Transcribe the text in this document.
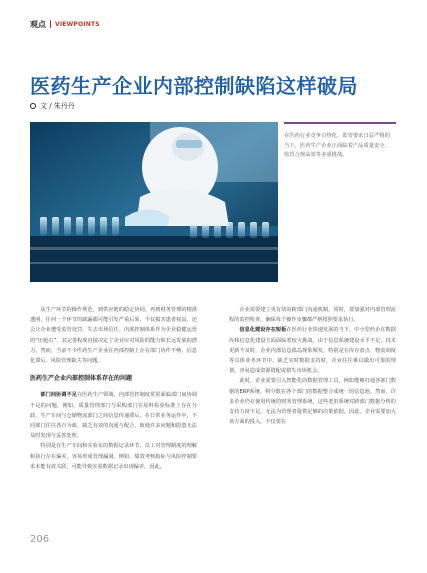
观点 VIEWPOINTS
医药生产企业内部控制缺陷这样破局
文 / 朱丹丹
在医药行业竞争白热化、监管要求日益严格的当下，医药生产企业正面临着产品质量安全、监管合规高效等多重挑战。

从生产环节的操作规范，到供应链的稳定协同，再到财务管理的精准透明，任何一个环节的疏漏都可能引发严重后果，不仅损害患者权益，还会让企业遭受监管处罚、失去市场信任。内部控制体系作为企业稳健运营的“压舱石”，其完善程度直接决定了企业应对风险的能力和长远发展的潜力。然而，当前不少医药生产企业在内部控制上存在部门协作不畅、信息化滞后、风险管理缺失等问题。

医药生产企业内部控制体系存在的问题

部门间协调不足在医药生产领域，内部管控制度常常面临部门间协调不足的问题。例如，质量管理部门与采购部门在原料检验标准上存在分歧，生产车间与仓储物流部门之间信息传递滞后。在日常业务运作中，不同部门往往各自为政，缺乏有效的沟通与配合，致使许多问题和隐患无法及时发现与妥善处理。

特别是在生产车间和实验室的数据记录环节，员工对管理制度的理解和执行存在偏差，容易形成管理漏洞。例如，绩效考核指标与风险控制要求未能有效关联，可能导致实验数据记录出现偏差。因此，

企业需要建立更有效的跨部门沟通机制，同时，要加强对内部管理流程的监控检查，确保每个操作步骤都严格按照要求执行。

信息化建设存在短板在医药行业快速发展的当下，中小型药企在数据库和信息化建设方面面临着较大挑战。由于信息系统建设水平不足，技术更新不及时，企业内部信息孤岛现象频发。特别是在库存盘点、物流调度等具体业务环节中，缺乏实时数据支持时，企业往往难以做出可靠的规划，容易造成资源错配或错失市场机会。

此时，企业需要引入智能化的数据管理工具，例如能够打通各部门数据的ERP系统，将分散在各个部门的数据整合成统一的信息池。然而，许多企业仍在使用传统的财务管理系统，这些老旧系统对跨部门数据分析的支持力度不足，无法为管理者提供足够的决策依据。因此，企业需要加大该方面的投入，不仅要在

206
